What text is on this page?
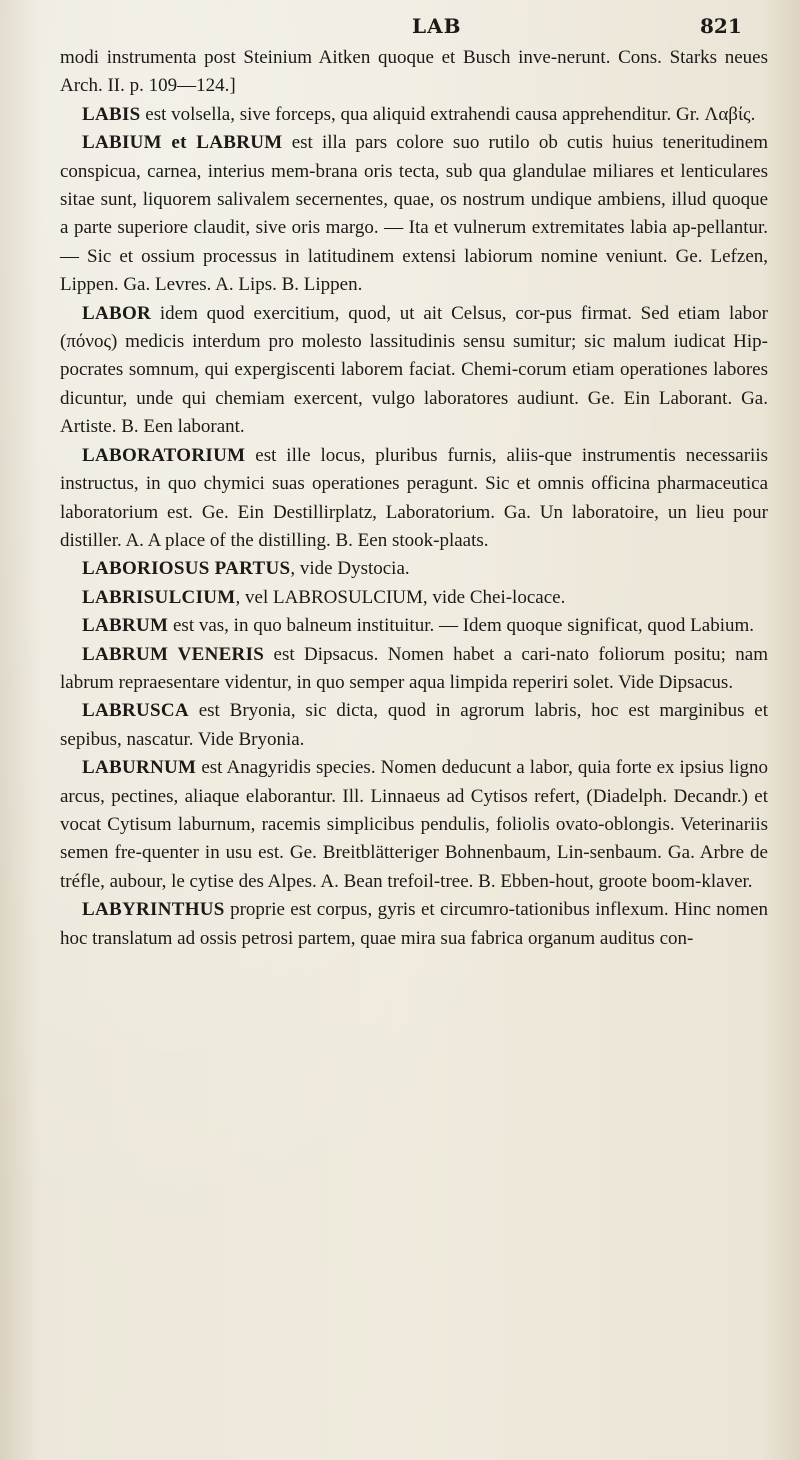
LAB	821

modi instrumenta post Steinium Aitken quoque et Busch inve-nerunt. Cons. Starks neues Arch. II. p. 109—124.]

LABIS est volsella, sive forceps, qua aliquid extrahendi causa apprehenditur. Gr. Λαβίς.

LABIUM et LABRUM est illa pars colore suo rutilo ob cutis huius teneritudinem conspicua, carnea, interius mem-brana oris tecta, sub qua glandulae miliares et lenticulares sitae sunt, liquorem salivalem secernentes, quae, os nostrum undique ambiens, illud quoque a parte superiore claudit, sive oris margo. — Ita et vulnerum extremitates labia ap-pellantur. — Sic et ossium processus in latitudinem extensi labiorum nomine veniunt. Ge. Lefzen, Lippen. Ga. Levres. A. Lips. B. Lippen.

LABOR idem quod exercitium, quod, ut ait Celsus, cor-pus firmat. Sed etiam labor (πόνος) medicis interdum pro molesto lassitudinis sensu sumitur; sic malum iudicat Hip-pocrates somnum, qui expergiscenti laborem faciat. Chemi-corum etiam operationes labores dicuntur, unde qui chemiam exercent, vulgo laboratores audiunt. Ge. Ein Laborant. Ga. Artiste. B. Een laborant.

LABORATORIUM est ille locus, pluribus furnis, aliis-que instrumentis necessariis instructus, in quo chymici suas operationes peragunt. Sic et omnis officina pharmaceutica laboratorium est. Ge. Ein Destillirplatz, Laboratorium. Ga. Un laboratoire, un lieu pour distiller. A. A place of the distilling. B. Een stook-plaats.

LABORIOSUS PARTUS, vide Dystocia.

LABRISULCIUM, vel LABROSULCIUM, vide Chei-locace.

LABRUM est vas, in quo balneum instituitur. — Idem quoque significat, quod Labium.

LABRUM VENERIS est Dipsacus. Nomen habet a cari-nato foliorum positu; nam labrum repraesentare videntur, in quo semper aqua limpida reperiri solet. Vide Dipsacus.

LABRUSCA est Bryonia, sic dicta, quod in agrorum labris, hoc est marginibus et sepibus, nascatur. Vide Bryonia.

LABURNUM est Anagyridis species. Nomen deducunt a labor, quia forte ex ipsius ligno arcus, pectines, aliaque elaborantur. Ill. Linnaeus ad Cytisos refert, (Diadelph. Decandr.) et vocat Cytisum laburnum, racemis simplicibus pendulis, foliolis ovato-oblongis. Veterinariis semen fre-quenter in usu est. Ge. Breitblätteriger Bohnenbaum, Lin-senbaum. Ga. Arbre de tréfle, aubour, le cytise des Alpes. A. Bean trefoil-tree. B. Ebben-hout, groote boom-klaver.

LABYRINTHUS proprie est corpus, gyris et circumro-tationibus inflexum. Hinc nomen hoc translatum ad ossis petrosi partem, quae mira sua fabrica organum auditus con-
